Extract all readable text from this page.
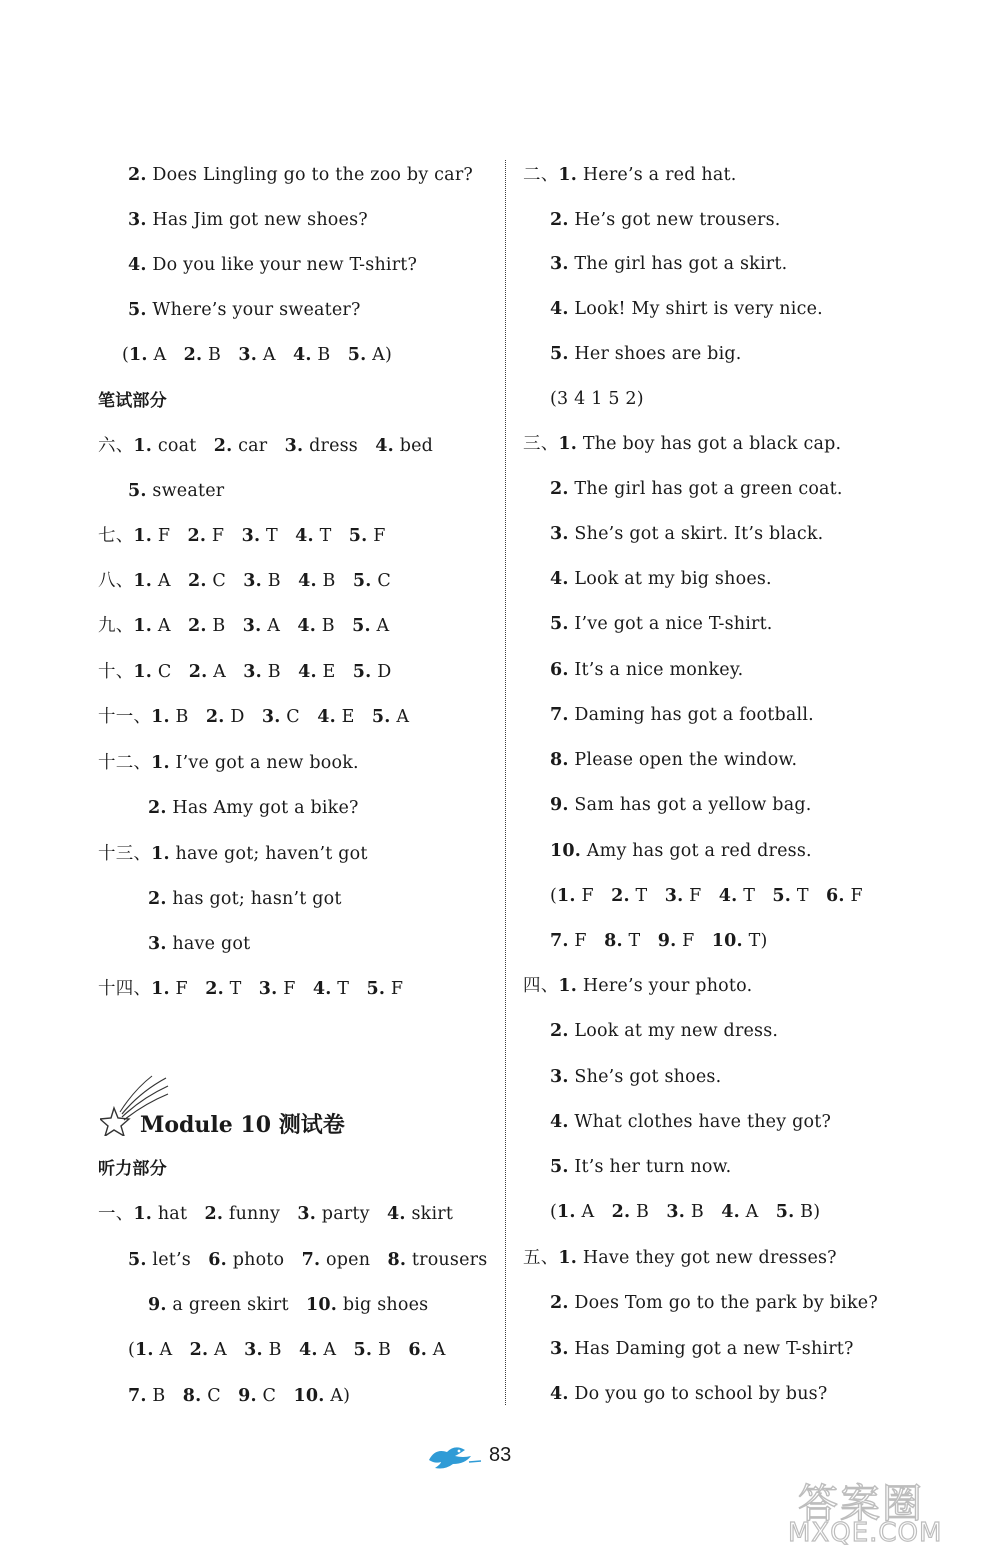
2. Does Lingling go to the zoo by car?
3. Has Jim got new shoes?
4. Do you like your new T-shirt?
5. Where’s your sweater?
(1. A   2. B   3. A   4. B   5. A)
笔试部分
六、1. coat   2. car   3. dress   4. bed
5. sweater
七、1. F   2. F   3. T   4. T   5. F
八、1. A   2. C   3. B   4. B   5. C
九、1. A   2. B   3. A   4. B   5. A
十、1. C   2. A   3. B   4. E   5. D
十一、1. B   2. D   3. C   4. E   5. A
十二、1. I’ve got a new book.
2. Has Amy got a bike?
十三、1. have got; haven’t got
2. has got; hasn’t got
3. have got
十四、1. F   2. T   3. F   4. T   5. F
听力部分
一、1. hat   2. funny   3. party   4. skirt
5. let’s   6. photo   7. open   8. trousers
9. a green skirt   10. big shoes
(1. A   2. A   3. B   4. A   5. B   6. A
7. B   8. C   9. C   10. A)
二、1. Here’s a red hat.
2. He’s got new trousers.
3. The girl has got a skirt.
4. Look! My shirt is very nice.
5. Her shoes are big.
(3 4 1 5 2)
三、1. The boy has got a black cap.
2. The girl has got a green coat.
3. She’s got a skirt. It’s black.
4. Look at my big shoes.
5. I’ve got a nice T-shirt.
6. It’s a nice monkey.
7. Daming has got a football.
8. Please open the window.
9. Sam has got a yellow bag.
10. Amy has got a red dress.
(1. F   2. T   3. F   4. T   5. T   6. F
7. F   8. T   9. F   10. T)
四、1. Here’s your photo.
2. Look at my new dress.
3. She’s got shoes.
4. What clothes have they got?
5. It’s her turn now.
(1. A   2. B   3. B   4. A   5. B)
五、1. Have they got new dresses?
2. Does Tom go to the park by bike?
3. Has Daming got a new T-shirt?
4. Do you go to school by bus?
Module 10 测试卷
83
答案圈
MXQE.COM
